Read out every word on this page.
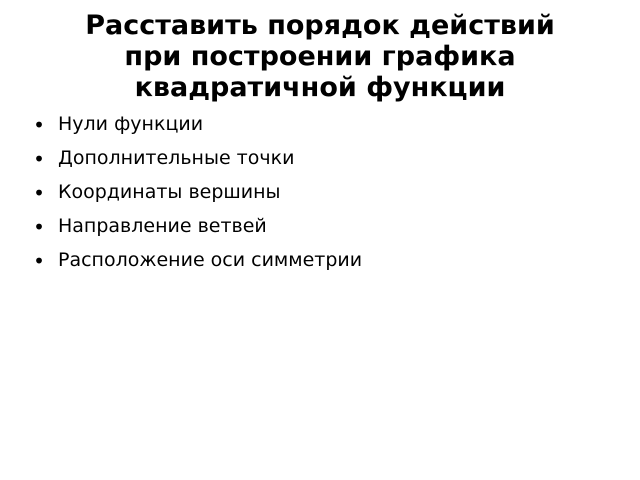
Расставить порядок действий при построении графика квадратичной функции
• Нули функции
• Дополнительные точки
• Координаты вершины
• Направление ветвей
• Расположение оси симметрии
